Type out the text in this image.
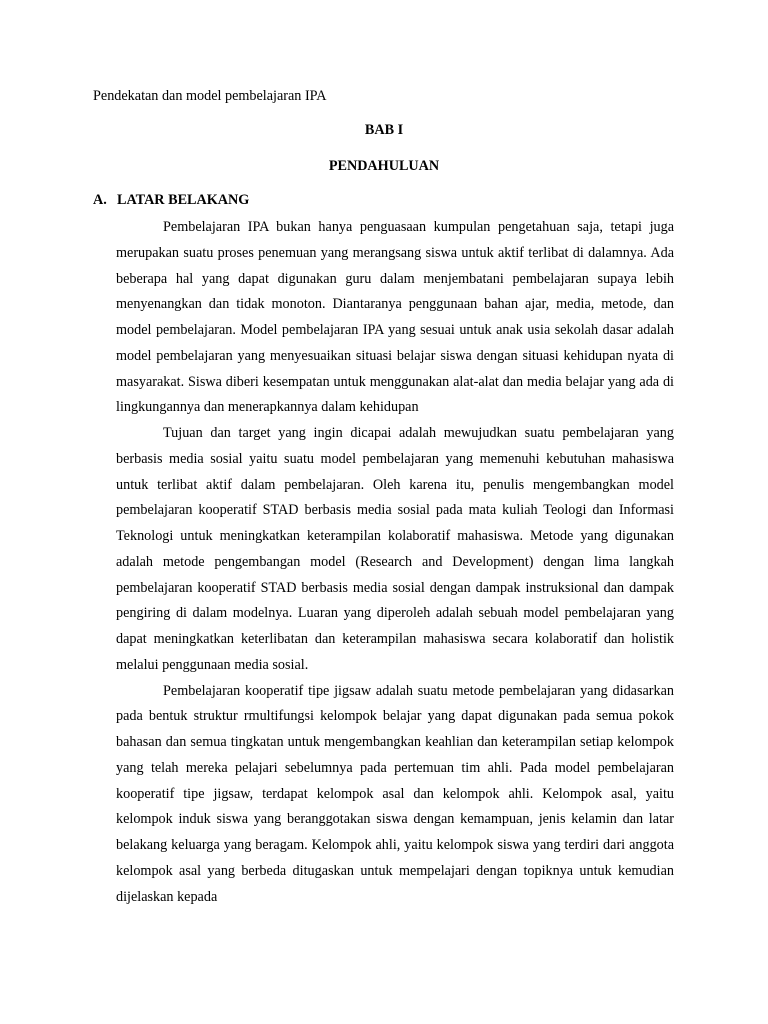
Pendekatan dan model pembelajaran IPA
BAB I
PENDAHULUAN
A. LATAR BELAKANG

Pembelajaran IPA bukan hanya penguasaan kumpulan pengetahuan saja, tetapi juga merupakan suatu proses penemuan yang merangsang siswa untuk aktif terlibat di dalamnya. Ada beberapa hal yang dapat digunakan guru dalam menjembatani pembelajaran supaya lebih menyenangkan dan tidak monoton. Diantaranya penggunaan bahan ajar, media, metode, dan model pembelajaran. Model pembelajaran IPA yang sesuai untuk anak usia sekolah dasar adalah model pembelajaran yang menyesuaikan situasi belajar siswa dengan situasi kehidupan nyata di masyarakat. Siswa diberi kesempatan untuk menggunakan alat-alat dan media belajar yang ada di lingkungannya dan menerapkannya dalam kehidupan

Tujuan dan target yang ingin dicapai adalah mewujudkan suatu pembelajaran yang berbasis media sosial yaitu suatu model pembelajaran yang memenuhi kebutuhan mahasiswa untuk terlibat aktif dalam pembelajaran. Oleh karena itu, penulis mengembangkan model pembelajaran kooperatif STAD berbasis media sosial pada mata kuliah Teologi dan Informasi Teknologi untuk meningkatkan keterampilan kolaboratif mahasiswa. Metode yang digunakan adalah metode pengembangan model (Research and Development) dengan lima langkah pembelajaran kooperatif STAD berbasis media sosial dengan dampak instruksional dan dampak pengiring di dalam modelnya. Luaran yang diperoleh adalah sebuah model pembelajaran yang dapat meningkatkan keterlibatan dan keterampilan mahasiswa secara kolaboratif dan holistik melalui penggunaan media sosial.

Pembelajaran kooperatif tipe jigsaw adalah suatu metode pembelajaran yang didasarkan pada bentuk struktur rmultifungsi kelompok belajar yang dapat digunakan pada semua pokok bahasan dan semua tingkatan untuk mengembangkan keahlian dan keterampilan setiap kelompok yang telah mereka pelajari sebelumnya pada pertemuan tim ahli. Pada model pembelajaran kooperatif tipe jigsaw, terdapat kelompok asal dan kelompok ahli. Kelompok asal, yaitu kelompok induk siswa yang beranggotakan siswa dengan kemampuan, jenis kelamin dan latar belakang keluarga yang beragam. Kelompok ahli, yaitu kelompok siswa yang terdiri dari anggota kelompok asal yang berbeda ditugaskan untuk mempelajari dengan topiknya untuk kemudian dijelaskan kepada
